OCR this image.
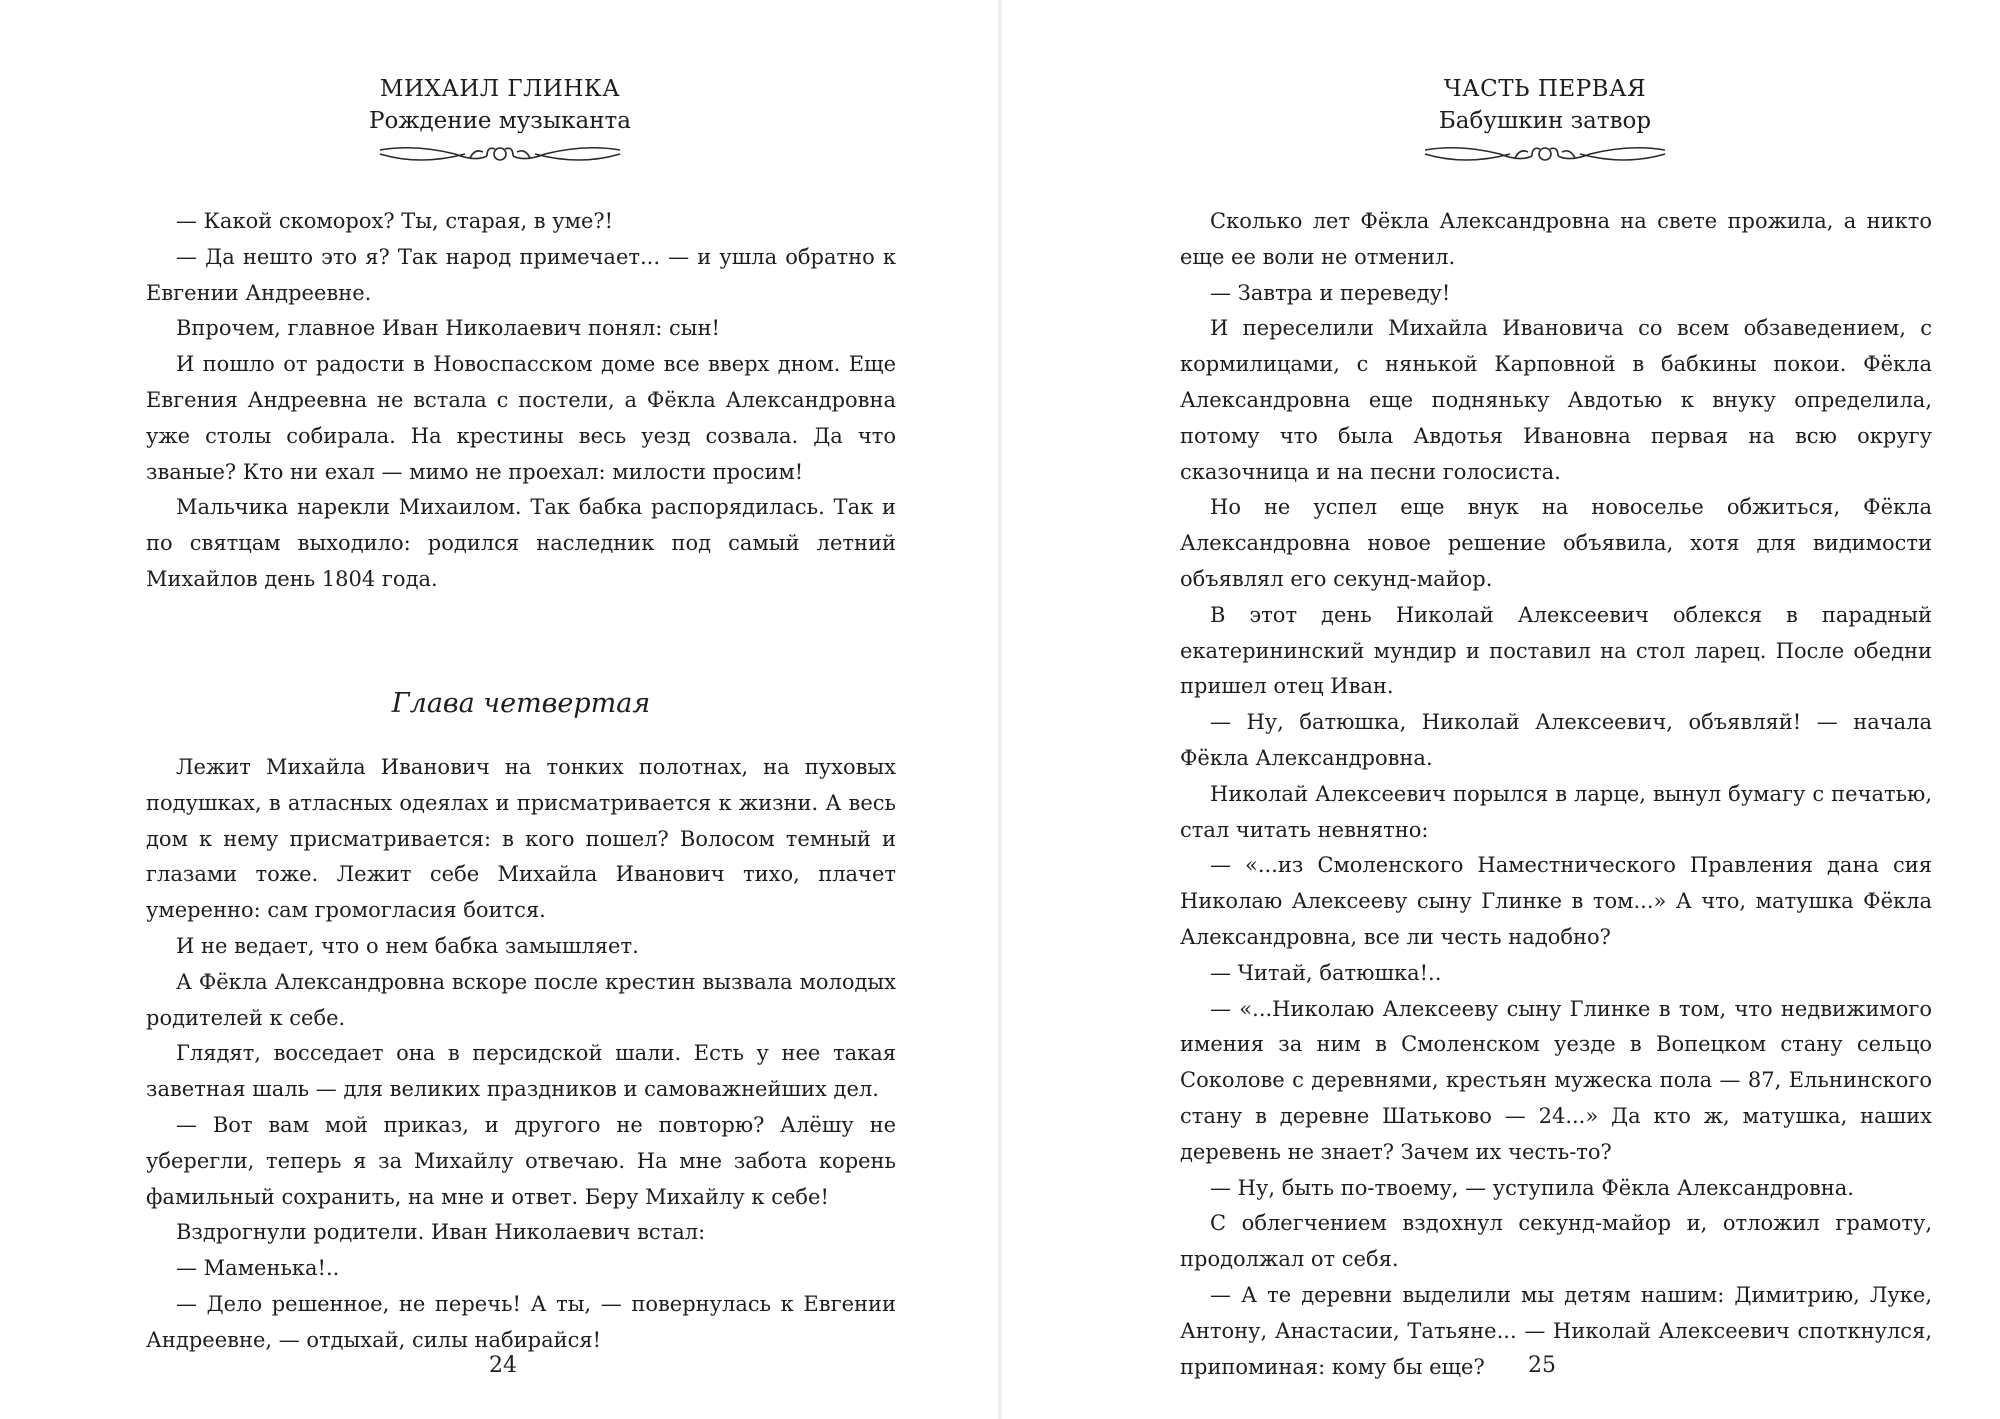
МИХАИЛ ГЛИНКА
Рождение музыканта

— Какой скоморох? Ты, старая, в уме?!

— Да нешто это я? Так народ примечает... — и ушла обратно к Евгении Андреевне.

Впрочем, главное Иван Николаевич понял: сын!

И пошло от радости в Новоспасском доме все вверх дном. Еще Евгения Андреевна не встала с постели, а Фёкла Александровна уже столы собирала. На крестины весь уезд созвала. Да что званые? Кто ни ехал — мимо не проехал: милости просим!

Мальчика нарекли Михаилом. Так бабка распорядилась. Так и по святцам выходило: родился наследник под самый летний Михайлов день 1804 года.

Глава четвертая

Лежит Михайла Иванович на тонких полотнах, на пуховых подушках, в атласных одеялах и присматривается к жизни. А весь дом к нему присматривается: в кого пошел? Волосом темный и глазами тоже. Лежит себе Михайла Иванович тихо, плачет умеренно: сам громогласия боится.

И не ведает, что о нем бабка замышляет.

А Фёкла Александровна вскоре после крестин вызвала молодых родителей к себе.

Глядят, восседает она в персидской шали. Есть у нее такая заветная шаль — для великих праздников и самоважнейших дел.

— Вот вам мой приказ, и другого не повторю? Алёшу не уберегли, теперь я за Михайлу отвечаю. На мне забота корень фамильный сохранить, на мне и ответ. Беру Михайлу к себе!

Вздрогнули родители. Иван Николаевич встал:

— Маменька!..

— Дело решенное, не перечь! А ты, — повернулась к Евгении Андреевне, — отдыхай, силы набирайся!

24
ЧАСТЬ ПЕРВАЯ
Бабушкин затвор

Сколько лет Фёкла Александровна на свете прожила, а никто еще ее воли не отменил.

— Завтра и переведу!

И переселили Михайла Ивановича со всем обзаведением, с кормилицами, с нянькой Карповной в бабкины покои. Фёкла Александровна еще подняньку Авдотью к внуку определила, потому что была Авдотья Ивановна первая на всю округу сказочница и на песни голосиста.

Но не успел еще внук на новоселье обжиться, Фёкла Александровна новое решение объявила, хотя для видимости объявлял его секунд-майор.

В этот день Николай Алексеевич облекся в парадный екатерининский мундир и поставил на стол ларец. После обедни пришел отец Иван.

— Ну, батюшка, Николай Алексеевич, объявляй! — начала Фёкла Александровна.

Николай Алексеевич порылся в ларце, вынул бумагу с печатью, стал читать невнятно:

— «...из Смоленского Наместнического Правления дана сия Николаю Алексееву сыну Глинке в том...» А что, матушка Фёкла Александровна, все ли честь надобно?

— Читай, батюшка!..

— «...Николаю Алексееву сыну Глинке в том, что недвижимого имения за ним в Смоленском уезде в Вопецком стану сельцо Соколове с деревнями, крестьян мужеска пола — 87, Ельнинского стану в деревне Шатьково — 24...» Да кто ж, матушка, наших деревень не знает? Зачем их честь-то?

— Ну, быть по-твоему, — уступила Фёкла Александровна.

С облегчением вздохнул секунд-майор и, отложил грамоту, продолжал от себя.

— А те деревни выделили мы детям нашим: Димитрию, Луке, Антону, Анастасии, Татьяне... — Николай Алексеевич споткнулся, припоминая: кому бы еще?	25
